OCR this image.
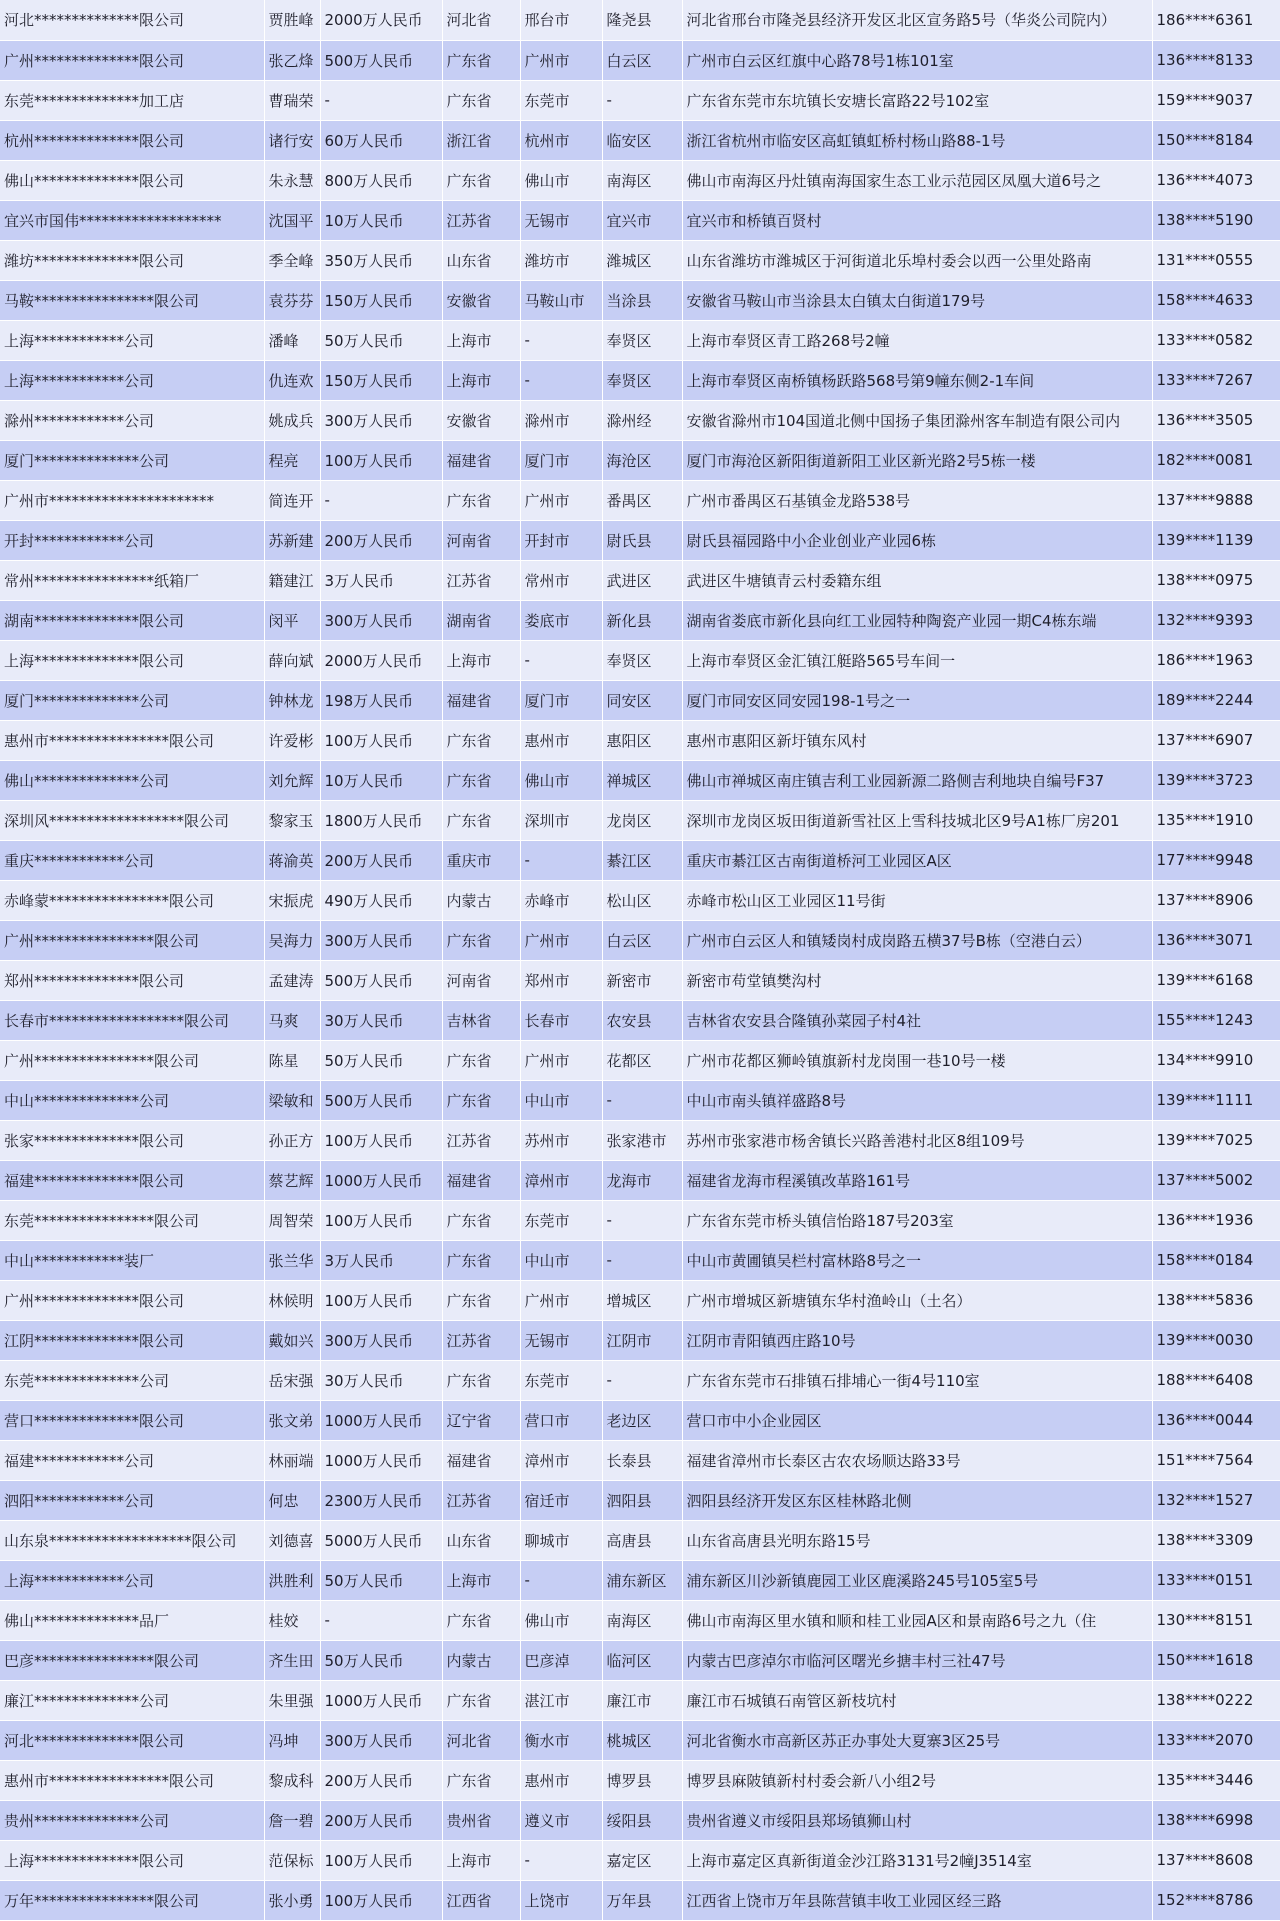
河北**************限公司	贾胜峰	2000万人民币	河北省	邢台市	隆尧县	河北省邢台市隆尧县经济开发区北区宣务路5号（华炎公司院内）	186****6361
广州**************限公司	张乙烽	500万人民币	广东省	广州市	白云区	广州市白云区红旗中心路78号1栋101室	136****8133
东莞**************加工店	曹瑞荣	-	广东省	东莞市	-	广东省东莞市东坑镇长安塘长富路22号102室	159****9037
杭州**************限公司	诸行安	60万人民币	浙江省	杭州市	临安区	浙江省杭州市临安区高虹镇虹桥村杨山路88-1号	150****8184
佛山**************限公司	朱永慧	800万人民币	广东省	佛山市	南海区	佛山市南海区丹灶镇南海国家生态工业示范园区凤凰大道6号之	136****4073
宜兴市国伟*******************	沈国平	10万人民币	江苏省	无锡市	宜兴市	宜兴市和桥镇百贤村	138****5190
潍坊**************限公司	季全峰	350万人民币	山东省	潍坊市	潍城区	山东省潍坊市潍城区于河街道北乐埠村委会以西一公里处路南	131****0555
马鞍****************限公司	袁芬芬	150万人民币	安徽省	马鞍山市	当涂县	安徽省马鞍山市当涂县太白镇太白街道179号	158****4633
上海************公司	潘峰	50万人民币	上海市	-	奉贤区	上海市奉贤区青工路268号2幢	133****0582
上海************公司	仇连欢	150万人民币	上海市	-	奉贤区	上海市奉贤区南桥镇杨跃路568号第9幢东侧2-1车间	133****7267
滁州************公司	姚成兵	300万人民币	安徽省	滁州市	滁州经	安徽省滁州市104国道北侧中国扬子集团滁州客车制造有限公司内	136****3505
厦门**************公司	程亮	100万人民币	福建省	厦门市	海沧区	厦门市海沧区新阳街道新阳工业区新光路2号5栋一楼	182****0081
广州市**********************	简连开	-	广东省	广州市	番禺区	广州市番禺区石基镇金龙路538号	137****9888
开封************公司	苏新建	200万人民币	河南省	开封市	尉氏县	尉氏县福园路中小企业创业产业园6栋	139****1139
常州****************纸箱厂	籍建江	3万人民币	江苏省	常州市	武进区	武进区牛塘镇青云村委籍东组	138****0975
湖南**************限公司	闵平	300万人民币	湖南省	娄底市	新化县	湖南省娄底市新化县向红工业园特种陶瓷产业园一期C4栋东端	132****9393
上海**************限公司	薛向斌	2000万人民币	上海市	-	奉贤区	上海市奉贤区金汇镇江艇路565号车间一	186****1963
厦门**************公司	钟林龙	198万人民币	福建省	厦门市	同安区	厦门市同安区同安园198-1号之一	189****2244
惠州市****************限公司	许爱彬	100万人民币	广东省	惠州市	惠阳区	惠州市惠阳区新圩镇东风村	137****6907
佛山**************公司	刘允辉	10万人民币	广东省	佛山市	禅城区	佛山市禅城区南庄镇吉利工业园新源二路侧吉利地块自编号F37	139****3723
深圳风******************限公司	黎家玉	1800万人民币	广东省	深圳市	龙岗区	深圳市龙岗区坂田街道新雪社区上雪科技城北区9号A1栋厂房201	135****1910
重庆************公司	蒋渝英	200万人民币	重庆市	-	綦江区	重庆市綦江区古南街道桥河工业园区A区	177****9948
赤峰蒙****************限公司	宋振虎	490万人民币	内蒙古	赤峰市	松山区	赤峰市松山区工业园区11号街	137****8906
广州****************限公司	吴海力	300万人民币	广东省	广州市	白云区	广州市白云区人和镇矮岗村成岗路五横37号B栋（空港白云）	136****3071
郑州**************限公司	孟建涛	500万人民币	河南省	郑州市	新密市	新密市苟堂镇樊沟村	139****6168
长春市******************限公司	马爽	30万人民币	吉林省	长春市	农安县	吉林省农安县合隆镇孙菜园子村4社	155****1243
广州****************限公司	陈星	50万人民币	广东省	广州市	花都区	广州市花都区狮岭镇旗新村龙岗围一巷10号一楼	134****9910
中山**************公司	梁敏和	500万人民币	广东省	中山市	-	中山市南头镇祥盛路8号	139****1111
张家**************限公司	孙正方	100万人民币	江苏省	苏州市	张家港市	苏州市张家港市杨舍镇长兴路善港村北区8组109号	139****7025
福建**************限公司	蔡艺辉	1000万人民币	福建省	漳州市	龙海市	福建省龙海市程溪镇改革路161号	137****5002
东莞****************限公司	周智荣	100万人民币	广东省	东莞市	-	广东省东莞市桥头镇信怡路187号203室	136****1936
中山************装厂	张兰华	3万人民币	广东省	中山市	-	中山市黄圃镇吴栏村富林路8号之一	158****0184
广州**************限公司	林候明	100万人民币	广东省	广州市	增城区	广州市增城区新塘镇东华村渔岭山（土名）	138****5836
江阴**************限公司	戴如兴	300万人民币	江苏省	无锡市	江阴市	江阴市青阳镇西庄路10号	139****0030
东莞**************公司	岳宋强	30万人民币	广东省	东莞市	-	广东省东莞市石排镇石排埔心一街4号110室	188****6408
营口**************限公司	张文弟	1000万人民币	辽宁省	营口市	老边区	营口市中小企业园区	136****0044
福建************公司	林丽端	1000万人民币	福建省	漳州市	长泰县	福建省漳州市长泰区古农农场顺达路33号	151****7564
泗阳************公司	何忠	2300万人民币	江苏省	宿迁市	泗阳县	泗阳县经济开发区东区桂林路北侧	132****1527
山东泉*******************限公司	刘德喜	5000万人民币	山东省	聊城市	高唐县	山东省高唐县光明东路15号	138****3309
上海************公司	洪胜利	50万人民币	上海市	-	浦东新区	浦东新区川沙新镇鹿园工业区鹿溪路245号105室5号	133****0151
佛山**************品厂	桂姣	-	广东省	佛山市	南海区	佛山市南海区里水镇和顺和桂工业园A区和景南路6号之九（住	130****8151
巴彦****************限公司	齐生田	50万人民币	内蒙古	巴彦淖	临河区	内蒙古巴彦淖尔市临河区曙光乡搪丰村三社47号	150****1618
廉江**************公司	朱里强	1000万人民币	广东省	湛江市	廉江市	廉江市石城镇石南管区新枝坑村	138****0222
河北**************限公司	冯坤	300万人民币	河北省	衡水市	桃城区	河北省衡水市高新区苏正办事处大夏寨3区25号	133****2070
惠州市****************限公司	黎成科	200万人民币	广东省	惠州市	博罗县	博罗县麻陂镇新村村委会新八小组2号	135****3446
贵州**************公司	詹一碧	200万人民币	贵州省	遵义市	绥阳县	贵州省遵义市绥阳县郑场镇狮山村	138****6998
上海**************限公司	范保标	100万人民币	上海市	-	嘉定区	上海市嘉定区真新街道金沙江路3131号2幢J3514室	137****8608
万年****************限公司	张小勇	100万人民币	江西省	上饶市	万年县	江西省上饶市万年县陈营镇丰收工业园区经三路	152****8786
